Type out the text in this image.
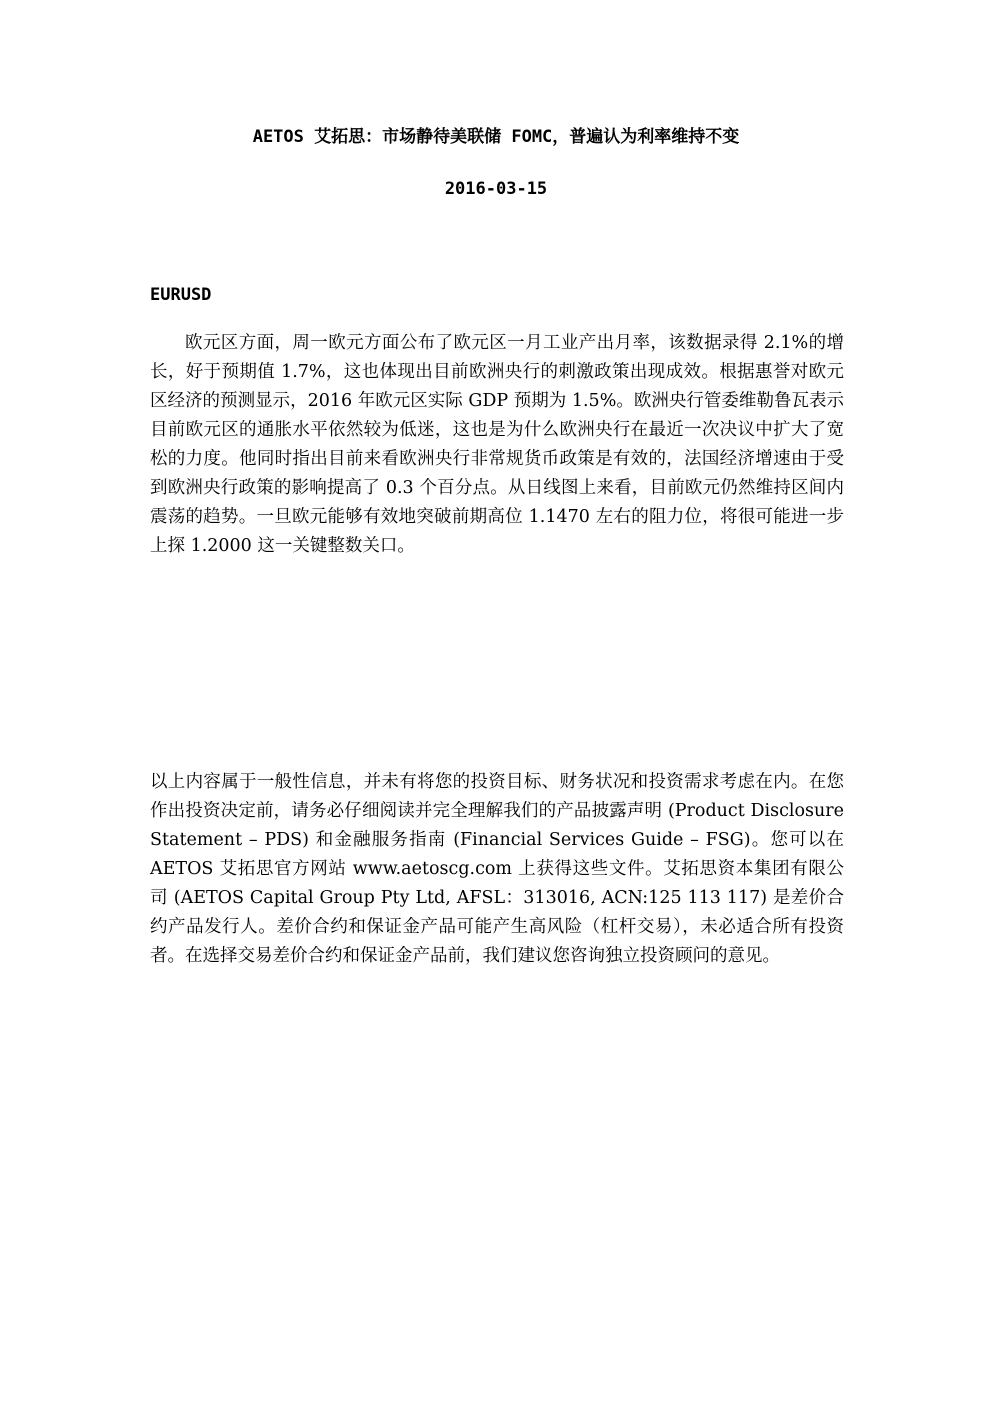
AETOS 艾拓思：市场静待美联储 FOMC，普遍认为利率维持不变
2016-03-15
EURUSD

欧元区方面，周一欧元方面公布了欧元区一月工业产出月率，该数据录得 2.1%的增长，好于预期值 1.7%，这也体现出目前欧洲央行的刺激政策出现成效。根据惠誉对欧元区经济的预测显示，2016 年欧元区实际 GDP 预期为 1.5%。欧洲央行管委维勒鲁瓦表示目前欧元区的通胀水平依然较为低迷，这也是为什么欧洲央行在最近一次决议中扩大了宽松的力度。他同时指出目前来看欧洲央行非常规货币政策是有效的，法国经济增速由于受到欧洲央行政策的影响提高了 0.3 个百分点。从日线图上来看，目前欧元仍然维持区间内震荡的趋势。一旦欧元能够有效地突破前期高位 1.1470 左右的阻力位，将很可能进一步上探 1.2000 这一关键整数关口。

以上内容属于一般性信息，并未有将您的投资目标、财务状况和投资需求考虑在内。在您作出投资决定前，请务必仔细阅读并完全理解我们的产品披露声明 (Product Disclosure Statement – PDS) 和金融服务指南 (Financial Services Guide – FSG)。您可以在 AETOS 艾拓思官方网站 www.aetoscg.com 上获得这些文件。艾拓思资本集团有限公司 (AETOS Capital Group Pty Ltd, AFSL：313016, ACN:125 113 117) 是差价合约产品发行人。差价合约和保证金产品可能产生高风险（杠杆交易），未必适合所有投资者。在选择交易差价合约和保证金产品前，我们建议您咨询独立投资顾问的意见。
